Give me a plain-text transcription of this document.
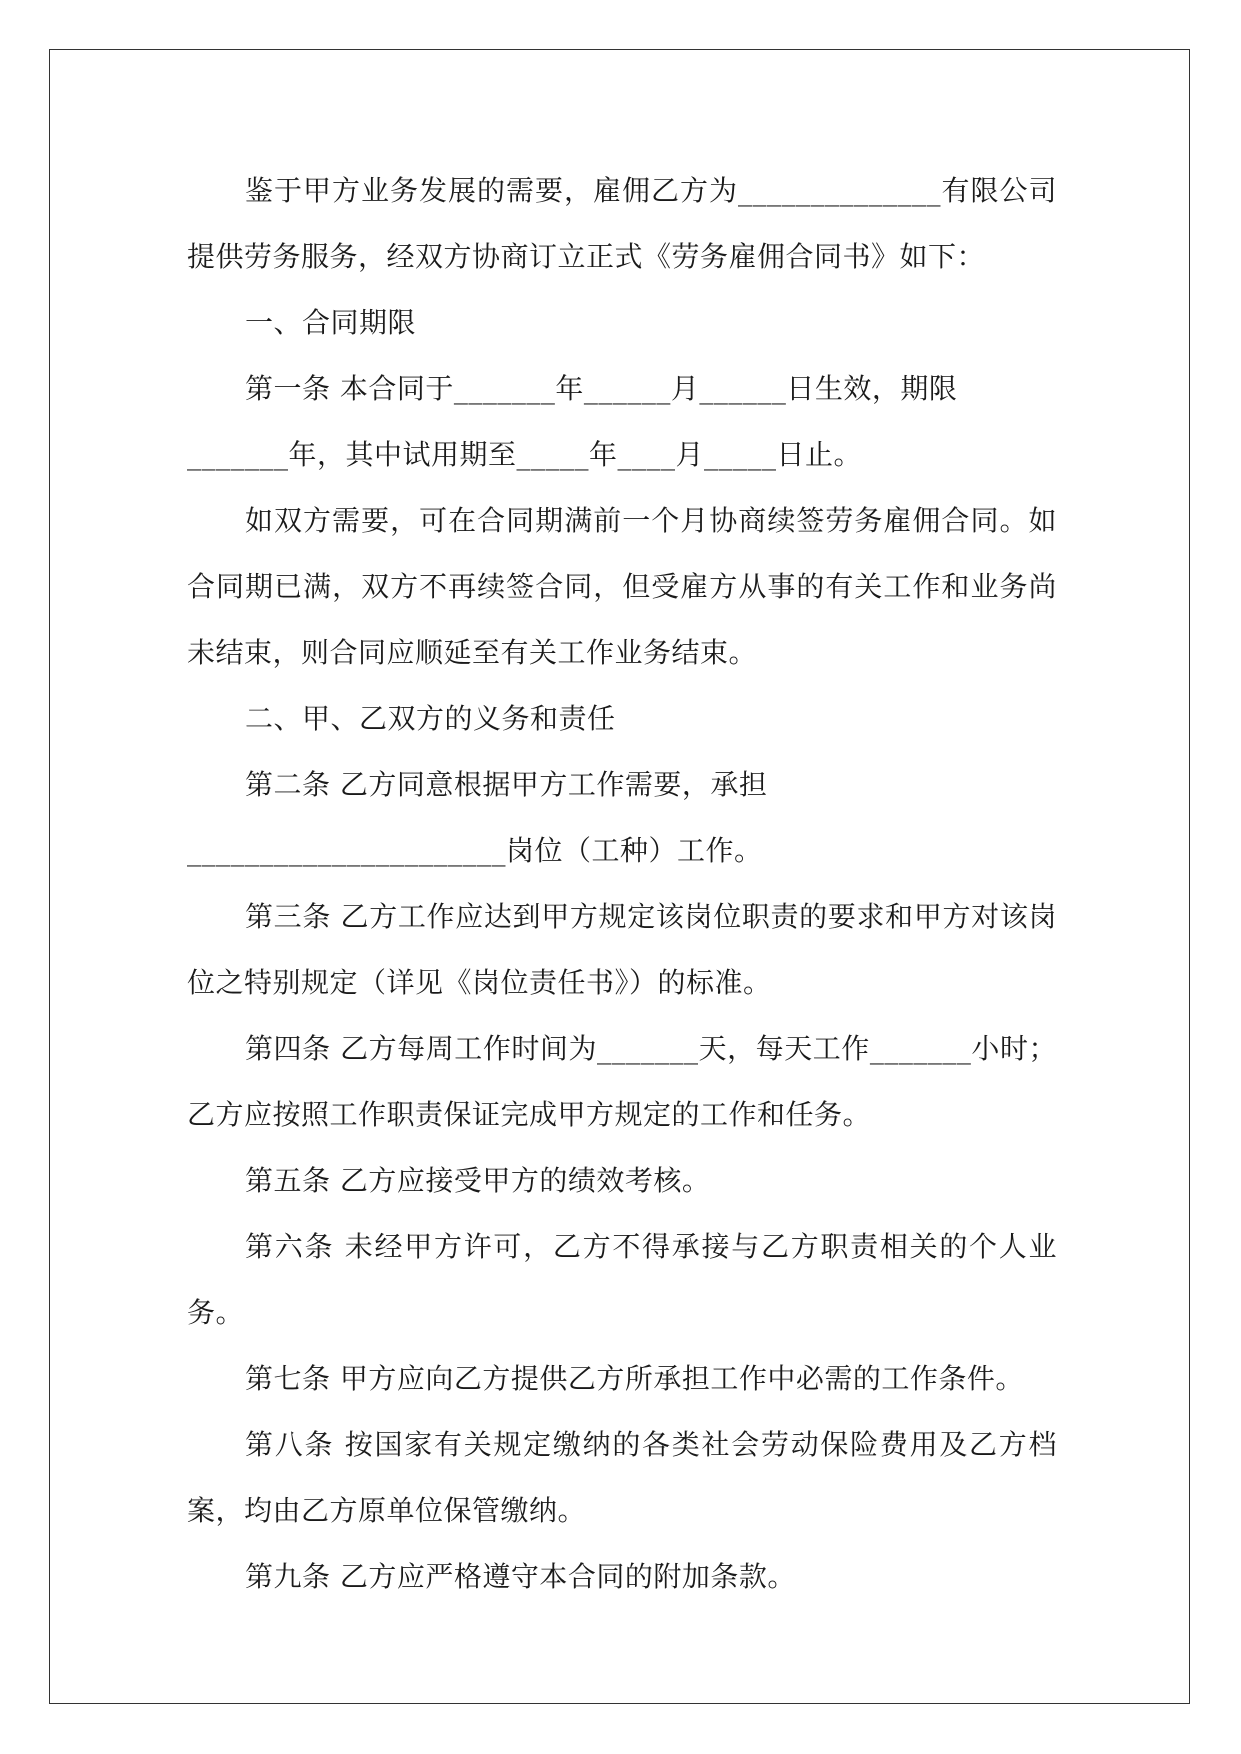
鉴于甲方业务发展的需要，雇佣乙方为______________有限公司提供劳务服务，经双方协商订立正式《劳务雇佣合同书》如下：

一、合同期限

第一条 本合同于_______年______月______日生效，期限

_______年，其中试用期至_____年____月_____日止。

如双方需要，可在合同期满前一个月协商续签劳务雇佣合同。如合同期已满，双方不再续签合同，但受雇方从事的有关工作和业务尚未结束，则合同应顺延至有关工作业务结束。

二、甲、乙双方的义务和责任

第二条 乙方同意根据甲方工作需要，承担

______________________岗位（工种）工作。

第三条 乙方工作应达到甲方规定该岗位职责的要求和甲方对该岗位之特别规定（详见《岗位责任书》）的标准。

第四条 乙方每周工作时间为_______天，每天工作_______小时；乙方应按照工作职责保证完成甲方规定的工作和任务。

第五条 乙方应接受甲方的绩效考核。

第六条 未经甲方许可，乙方不得承接与乙方职责相关的个人业务。

第七条 甲方应向乙方提供乙方所承担工作中必需的工作条件。

第八条 按国家有关规定缴纳的各类社会劳动保险费用及乙方档案，均由乙方原单位保管缴纳。

第九条 乙方应严格遵守本合同的附加条款。
